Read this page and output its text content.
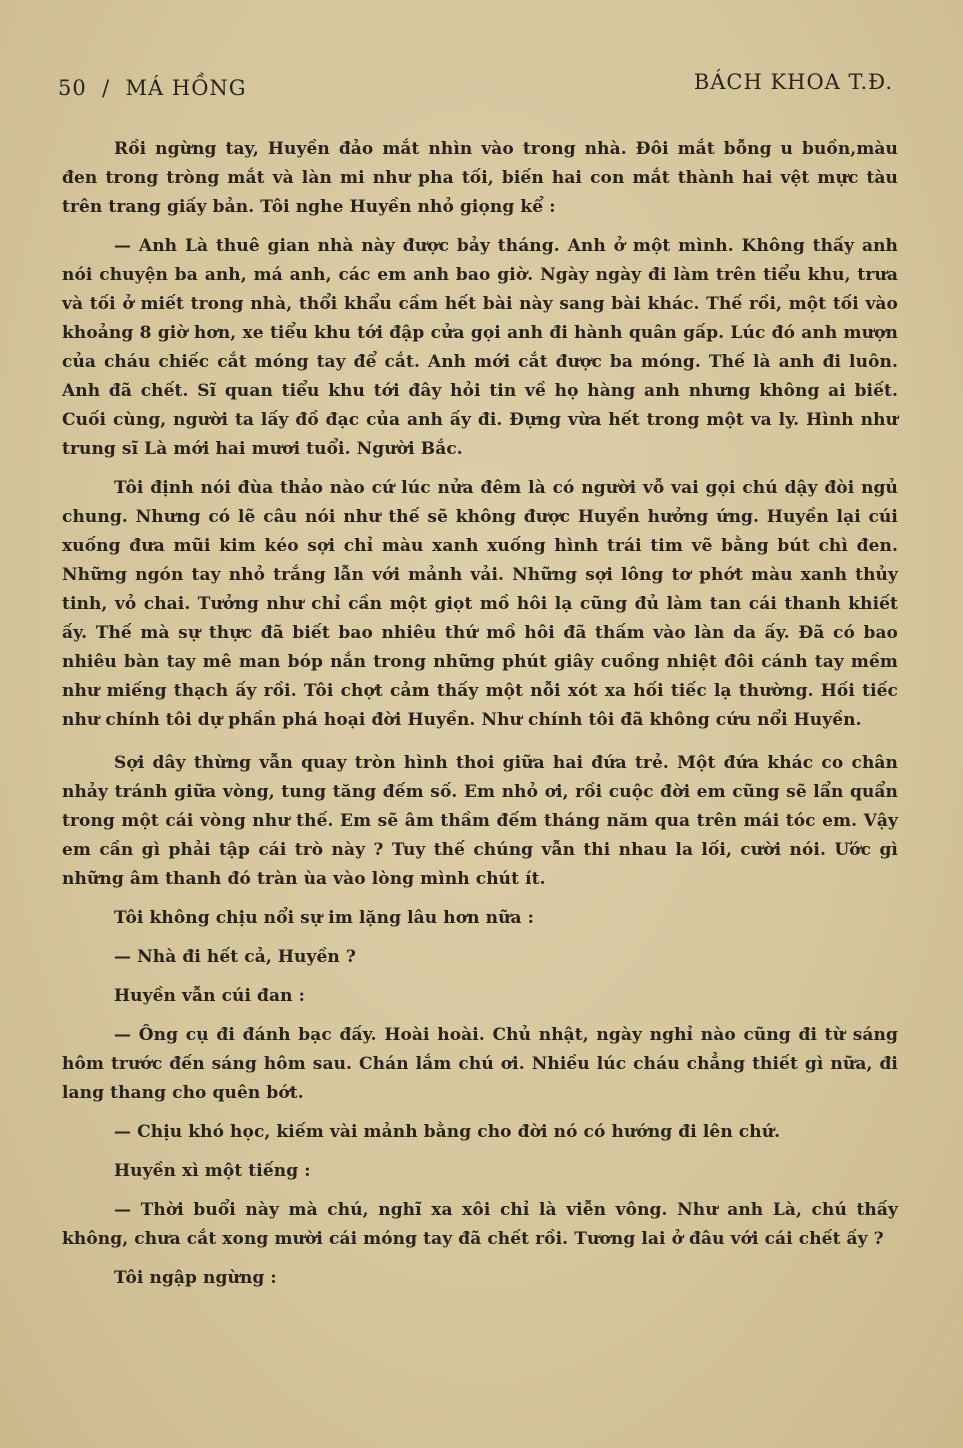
50 / MÁ HỒNG	BÁCH KHOA T.Đ.

Rồi ngừng tay, Huyền đảo mắt nhìn vào trong nhà. Đôi mắt bỗng u buồn,màu đen trong tròng mắt và làn mi như pha tối, biến hai con mắt thành hai vệt mực tàu trên trang giấy bản. Tôi nghe Huyền nhỏ giọng kể :

— Anh Là thuê gian nhà này được bảy tháng. Anh ở một mình. Không thấy anh nói chuyện ba anh, má anh, các em anh bao giờ. Ngày ngày đi làm trên tiểu khu, trưa và tối ở miết trong nhà, thổi khẩu cầm hết bài này sang bài khác. Thế rồi, một tối vào khoảng 8 giờ hơn, xe tiểu khu tới đập cửa gọi anh đi hành quân gấp. Lúc đó anh mượn của cháu chiếc cắt móng tay để cắt. Anh mới cắt được ba móng. Thế là anh đi luôn. Anh đã chết. Sĩ quan tiểu khu tới đây hỏi tin về họ hàng anh nhưng không ai biết. Cuối cùng, người ta lấy đồ đạc của anh ấy đi. Đựng vừa hết trong một va ly. Hình như trung sĩ Là mới hai mươi tuổi. Người Bắc.

Tôi định nói đùa thảo nào cứ lúc nửa đêm là có người vỗ vai gọi chú dậy đòi ngủ chung. Nhưng có lẽ câu nói như thế sẽ không được Huyền hưởng ứng. Huyền lại cúi xuống đưa mũi kim kéo sợi chỉ màu xanh xuống hình trái tim vẽ bằng bút chì đen. Những ngón tay nhỏ trắng lẫn với mảnh vải. Những sợi lông tơ phớt màu xanh thủy tinh, vỏ chai. Tưởng như chỉ cần một giọt mồ hôi lạ cũng đủ làm tan cái thanh khiết ấy. Thế mà sự thực đã biết bao nhiêu thứ mồ hôi đã thấm vào làn da ấy. Đã có bao nhiêu bàn tay mê man bóp nắn trong những phút giây cuồng nhiệt đôi cánh tay mềm như miếng thạch ấy rồi. Tôi chợt cảm thấy một nỗi xót xa hối tiếc lạ thường. Hối tiếc như chính tôi dự phần phá hoại đời Huyền. Như chính tôi đã không cứu nổi Huyền.

Sợi dây thừng vẫn quay tròn hình thoi giữa hai đứa trẻ. Một đứa khác co chân nhảy tránh giữa vòng, tung tăng đếm số. Em nhỏ ơi, rồi cuộc đời em cũng sẽ lẩn quẩn trong một cái vòng như thế. Em sẽ âm thầm đếm tháng năm qua trên mái tóc em. Vậy em cần gì phải tập cái trò này ? Tuy thế chúng vẫn thi nhau la lối, cười nói. Ước gì những âm thanh đó tràn ùa vào lòng mình chút ít.

Tôi không chịu nổi sự im lặng lâu hơn nữa :

— Nhà đi hết cả, Huyền ?

Huyền vẫn cúi đan :

— Ông cụ đi đánh bạc đấy. Hoài hoài. Chủ nhật, ngày nghỉ nào cũng đi từ sáng hôm trước đến sáng hôm sau. Chán lắm chú ơi. Nhiều lúc cháu chẳng thiết gì nữa, đi lang thang cho quên bớt.

— Chịu khó học, kiếm vài mảnh bằng cho đời nó có hướng đi lên chứ.

Huyền xì một tiếng :

— Thời buổi này mà chú, nghĩ xa xôi chỉ là viễn vông. Như anh Là, chú thấy không, chưa cắt xong mười cái móng tay đã chết rồi. Tương lai ở đâu với cái chết ấy ?

Tôi ngập ngừng :
